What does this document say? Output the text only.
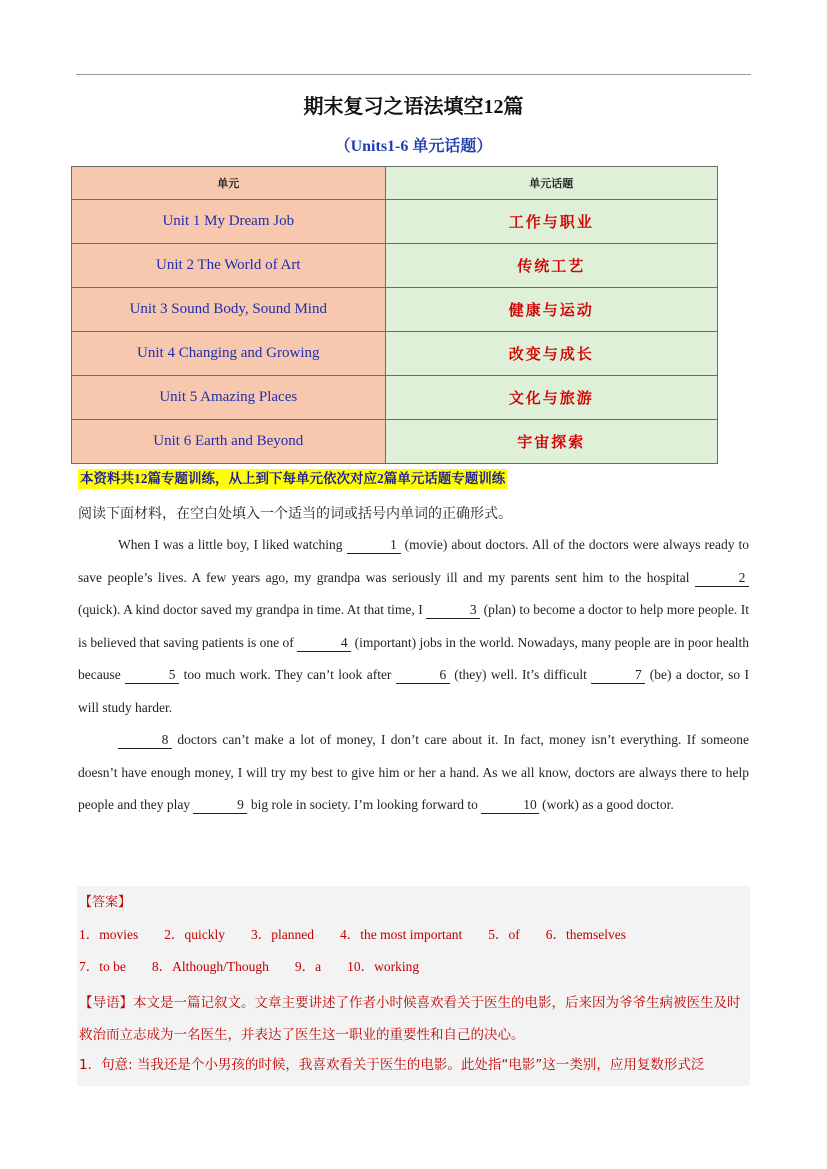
期末复习之语法填空12篇
（Units1-6 单元话题）
单元	单元话题
Unit 1 My Dream Job	工作与职业
Unit 2 The World of Art	传统工艺
Unit 3 Sound Body, Sound Mind	健康与运动
Unit 4 Changing and Growing	改变与成长
Unit 5 Amazing Places	文化与旅游
Unit 6 Earth and Beyond	宇宙探索
本资料共12篇专题训练，从上到下每单元依次对应2篇单元话题专题训练
阅读下面材料，在空白处填入一个适当的词或括号内单词的正确形式。

When I was a little boy, I liked watching	1 (movie) about doctors. All of the doctors were always ready to save people’s lives. A few years ago, my grandpa was seriously ill and my parents sent him to the hospital	2 (quick). A kind doctor saved my grandpa in time. At that time, I	3 (plan) to become a doctor to help more people. It is believed that saving patients is one of	4 (important) jobs in the world. Nowadays, many people are in poor health because	5 too much work. They can’t look after	6 (they) well. It’s difficult	7 (be) a doctor, so I will study harder.

8 doctors can’t make a lot of money, I don’t care about it. In fact, money isn’t everything. If someone doesn’t have enough money, I will try my best to give him or her a hand. As we all know, doctors are always there to help people and they play	9 big role in society. I’m looking forward to	10 (work) as a good doctor.

【答案】
1．movies 2．quickly 3．planned 4．the most important 5．of 6．themselves
7．to be 8．Although/Though 9．a 10．working
【导语】本文是一篇记叙文。文章主要讲述了作者小时候喜欢看关于医生的电影，后来因为爷爷生病被医生及时救治而立志成为一名医生，并表达了医生这一职业的重要性和自己的决心。
1．句意: 当我还是个小男孩的时候，我喜欢看关于医生的电影。此处指“电影”这一类别，应用复数形式泛
